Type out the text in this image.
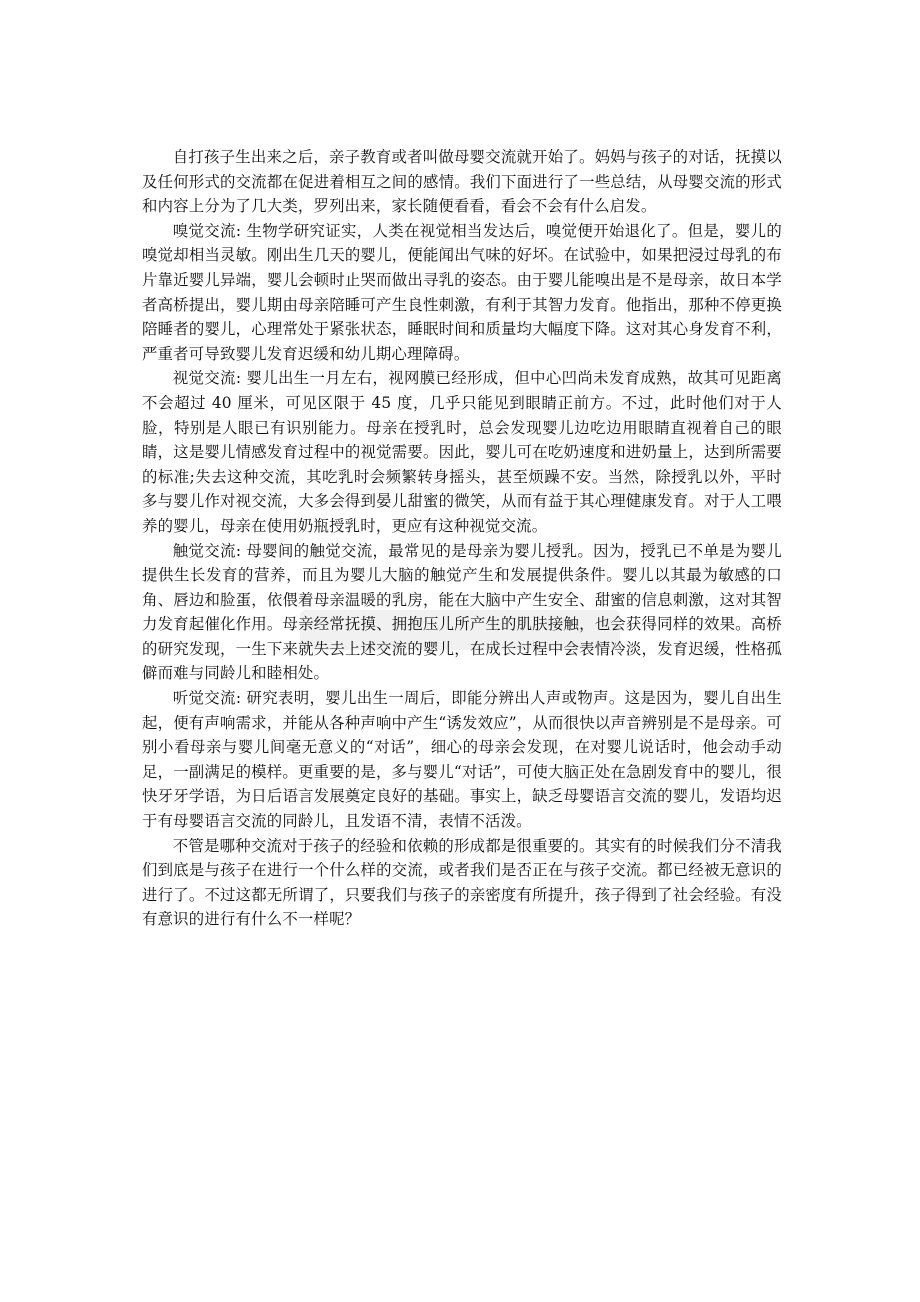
自打孩子生出来之后，亲子教育或者叫做母婴交流就开始了。妈妈与孩子的对话，抚摸以及任何形式的交流都在促进着相互之间的感情。我们下面进行了一些总结，从母婴交流的形式和内容上分为了几大类，罗列出来，家长随便看看，看会不会有什么启发。

嗅觉交流: 生物学研究证实，人类在视觉相当发达后，嗅觉便开始退化了。但是，婴儿的嗅觉却相当灵敏。刚出生几天的婴儿，便能闻出气味的好坏。在试验中，如果把浸过母乳的布片靠近婴儿异端，婴儿会顿时止哭而做出寻乳的姿态。由于婴儿能嗅出是不是母亲，故日本学者高桥提出，婴儿期由母亲陪睡可产生良性刺激，有利于其智力发育。他指出，那种不停更换陪睡者的婴儿，心理常处于紧张状态，睡眠时间和质量均大幅度下降。这对其心身发育不利，严重者可导致婴儿发育迟缓和幼儿期心理障碍。

视觉交流: 婴儿出生一月左右，视网膜已经形成，但中心凹尚未发育成熟，故其可见距离不会超过 40 厘米，可见区限于 45 度，几乎只能见到眼睛正前方。不过，此时他们对于人脸，特别是人眼已有识别能力。母亲在授乳时，总会发现婴儿边吃边用眼睛直视着自己的眼睛，这是婴儿情感发育过程中的视觉需要。因此，婴儿可在吃奶速度和进奶量上，达到所需要的标准;失去这种交流，其吃乳时会频繁转身摇头，甚至烦躁不安。当然，除授乳以外，平时多与婴儿作对视交流，大多会得到晏儿甜蜜的微笑，从而有益于其心理健康发育。对于人工喂养的婴儿，母亲在使用奶瓶授乳时，更应有这种视觉交流。

触觉交流: 母婴间的触觉交流，最常见的是母亲为婴儿授乳。因为，授乳已不单是为婴儿提供生长发育的营养，而且为婴儿大脑的触觉产生和发展提供条件。婴儿以其最为敏感的口角、唇边和脸蛋，依偎着母亲温暖的乳房，能在大脑中产生安全、甜蜜的信息刺激，这对其智力发育起催化作用。母亲经常抚摸、拥抱压儿所产生的肌肤接触，也会获得同样的效果。高桥的研究发现，一生下来就失去上述交流的婴儿，在成长过程中会表情冷淡，发育迟缓，性格孤僻而难与同龄儿和睦相处。

听觉交流: 研究表明，婴儿出生一周后，即能分辨出人声或物声。这是因为，婴儿自出生起，便有声响需求，并能从各种声响中产生“诱发效应”，从而很快以声音辨别是不是母亲。可别小看母亲与婴儿间毫无意义的“对话”，细心的母亲会发现，在对婴儿说话时，他会动手动足，一副满足的模样。更重要的是，多与婴儿“对话”，可使大脑正处在急剧发育中的婴儿，很快牙牙学语，为日后语言发展奠定良好的基础。事实上，缺乏母婴语言交流的婴儿，发语均迟于有母婴语言交流的同龄儿，且发语不清，表情不活泼。

不管是哪种交流对于孩子的经验和依赖的形成都是很重要的。其实有的时候我们分不清我们到底是与孩子在进行一个什么样的交流，或者我们是否正在与孩子交流。都已经被无意识的进行了。不过这都无所谓了，只要我们与孩子的亲密度有所提升，孩子得到了社会经验。有没有意识的进行有什么不一样呢？
